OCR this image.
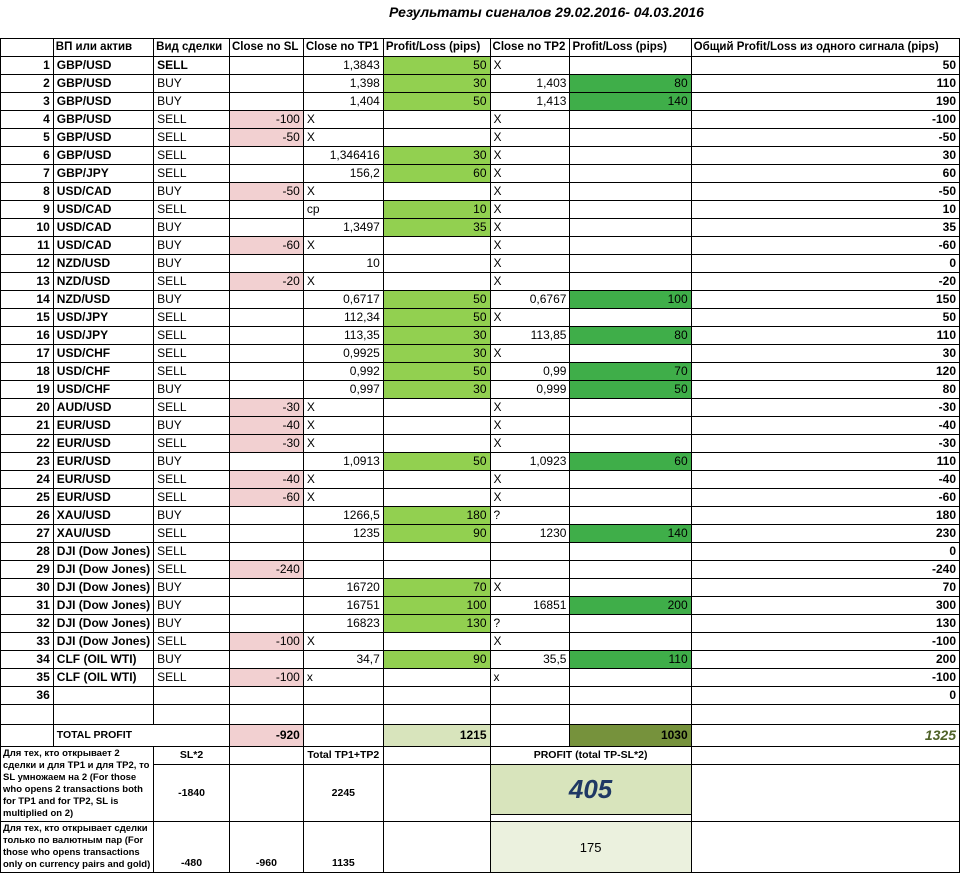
Результаты сигналов 29.02.2016- 04.03.2016
	ВП или актив	Вид сделки	Close no SL	Close no TP1	Profit/Loss (pips)	Close no TP2	Profit/Loss (pips)	Общий Profit/Loss из одного сигнала (pips)
1	GBP/USD	SELL		1,3843	50	X		50
2	GBP/USD	BUY		1,398	30	1,403	80	110
3	GBP/USD	BUY		1,404	50	1,413	140	190
4	GBP/USD	SELL	-100	X		X		-100
5	GBP/USD	SELL	-50	X		X		-50
6	GBP/USD	SELL		1,346416	30	X		30
7	GBP/JPY	SELL		156,2	60	X		60
8	USD/CAD	BUY	-50	X		X		-50
9	USD/CAD	SELL		cp	10	X		10
10	USD/CAD	BUY		1,3497	35	X		35
11	USD/CAD	BUY	-60	X		X		-60
12	NZD/USD	BUY		10		X		0
13	NZD/USD	SELL	-20	X		X		-20
14	NZD/USD	BUY		0,6717	50	0,6767	100	150
15	USD/JPY	SELL		112,34	50	X		50
16	USD/JPY	SELL		113,35	30	113,85	80	110
17	USD/CHF	SELL		0,9925	30	X		30
18	USD/CHF	SELL		0,992	50	0,99	70	120
19	USD/CHF	BUY		0,997	30	0,999	50	80
20	AUD/USD	SELL	-30	X		X		-30
21	EUR/USD	BUY	-40	X		X		-40
22	EUR/USD	SELL	-30	X		X		-30
23	EUR/USD	BUY		1,0913	50	1,0923	60	110
24	EUR/USD	SELL	-40	X		X		-40
25	EUR/USD	SELL	-60	X		X		-60
26	XAU/USD	BUY		1266,5	180	?		180
27	XAU/USD	SELL		1235	90	1230	140	230
28	DJI (Dow Jones)	SELL						0
29	DJI (Dow Jones)	SELL	-240					-240
30	DJI (Dow Jones)	BUY		16720	70	X		70
31	DJI (Dow Jones)	BUY		16751	100	16851	200	300
32	DJI (Dow Jones)	BUY		16823	130	?		130
33	DJI (Dow Jones)	SELL	-100	X		X		-100
34	CLF (OIL WTI)	BUY		34,7	90	35,5	110	200
35	CLF (OIL WTI)	SELL	-100	x		x		-100
36								0

	TOTAL PROFIT		-920		1215		1030	1325
Для тех, кто открывает 2 сделки и для TP1 и для TP2, то SL умножаем на 2 (For those who opens 2 transactions both for TP1 and for TP2, SL is multiplied on 2)		SL*2		Total TP1+TP2		PROFIT (total TP-SL*2)		
		-1840		2245		405		

Для тех, кто открывает сделки только по валютным пар (For those who opens transactions only on currency pairs and gold)		-480	-960	1135		175		
